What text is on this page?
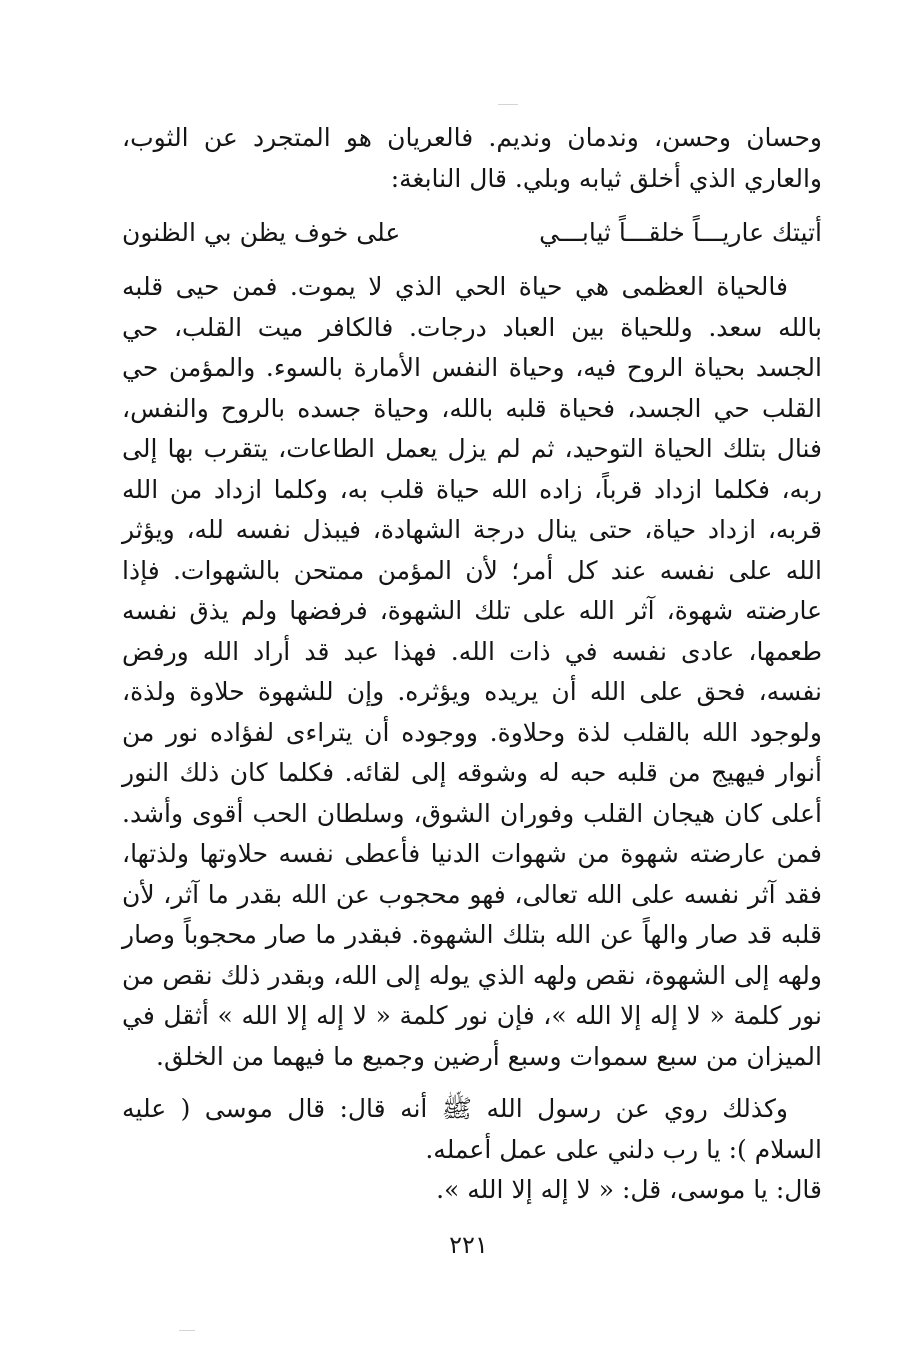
وحسان وحسن، وندمان ونديم. فالعريان هو المتجرد عن الثوب، والعاري الذي أخلق ثيابه وبلي. قال النابغة:

أتيتك عاريـــاً خلقـــاً ثيابـــي
على خوف يظن بي الظنون

فالحياة العظمى هي حياة الحي الذي لا يموت. فمن حيى قلبه بالله سعد. وللحياة بين العباد درجات. فالكافر ميت القلب، حي الجسد بحياة الروح فيه، وحياة النفس الأمارة بالسوء. والمؤمن حي القلب حي الجسد، فحياة قلبه بالله، وحياة جسده بالروح والنفس، فنال بتلك الحياة التوحيد، ثم لم يزل يعمل الطاعات، يتقرب بها إلى ربه، فكلما ازداد قرباً، زاده الله حياة قلب به، وكلما ازداد من الله قربه، ازداد حياة، حتى ينال درجة الشهادة، فيبذل نفسه لله، ويؤثر الله على نفسه عند كل أمر؛ لأن المؤمن ممتحن بالشهوات. فإذا عارضته شهوة، آثر الله على تلك الشهوة، فرفضها ولم يذق نفسه طعمها، عادى نفسه في ذات الله. فهذا عبد قد أراد الله ورفض نفسه، فحق على الله أن يريده ويؤثره. وإن للشهوة حلاوة ولذة، ولوجود الله بالقلب لذة وحلاوة. ووجوده أن يتراءى لفؤاده نور من أنوار فيهيج من قلبه حبه له وشوقه إلى لقائه. فكلما كان ذلك النور أعلى كان هيجان القلب وفوران الشوق، وسلطان الحب أقوى وأشد. فمن عارضته شهوة من شهوات الدنيا فأعطى نفسه حلاوتها ولذتها، فقد آثر نفسه على الله تعالى، فهو محجوب عن الله بقدر ما آثر، لأن قلبه قد صار والهاً عن الله بتلك الشهوة. فبقدر ما صار محجوباً وصار ولهه إلى الشهوة، نقص ولهه الذي يوله إلى الله، وبقدر ذلك نقص من نور كلمة « لا إله إلا الله »، فإن نور كلمة « لا إله إلا الله » أثقل في الميزان من سبع سموات وسبع أرضين وجميع ما فيهما من الخلق.

وكذلك روي عن رسول الله ﷺ أنه قال: قال موسى ( عليه السلام ): يا رب دلني على عمل أعمله.

قال: يا موسى، قل: « لا إله إلا الله ».

٢٢١
